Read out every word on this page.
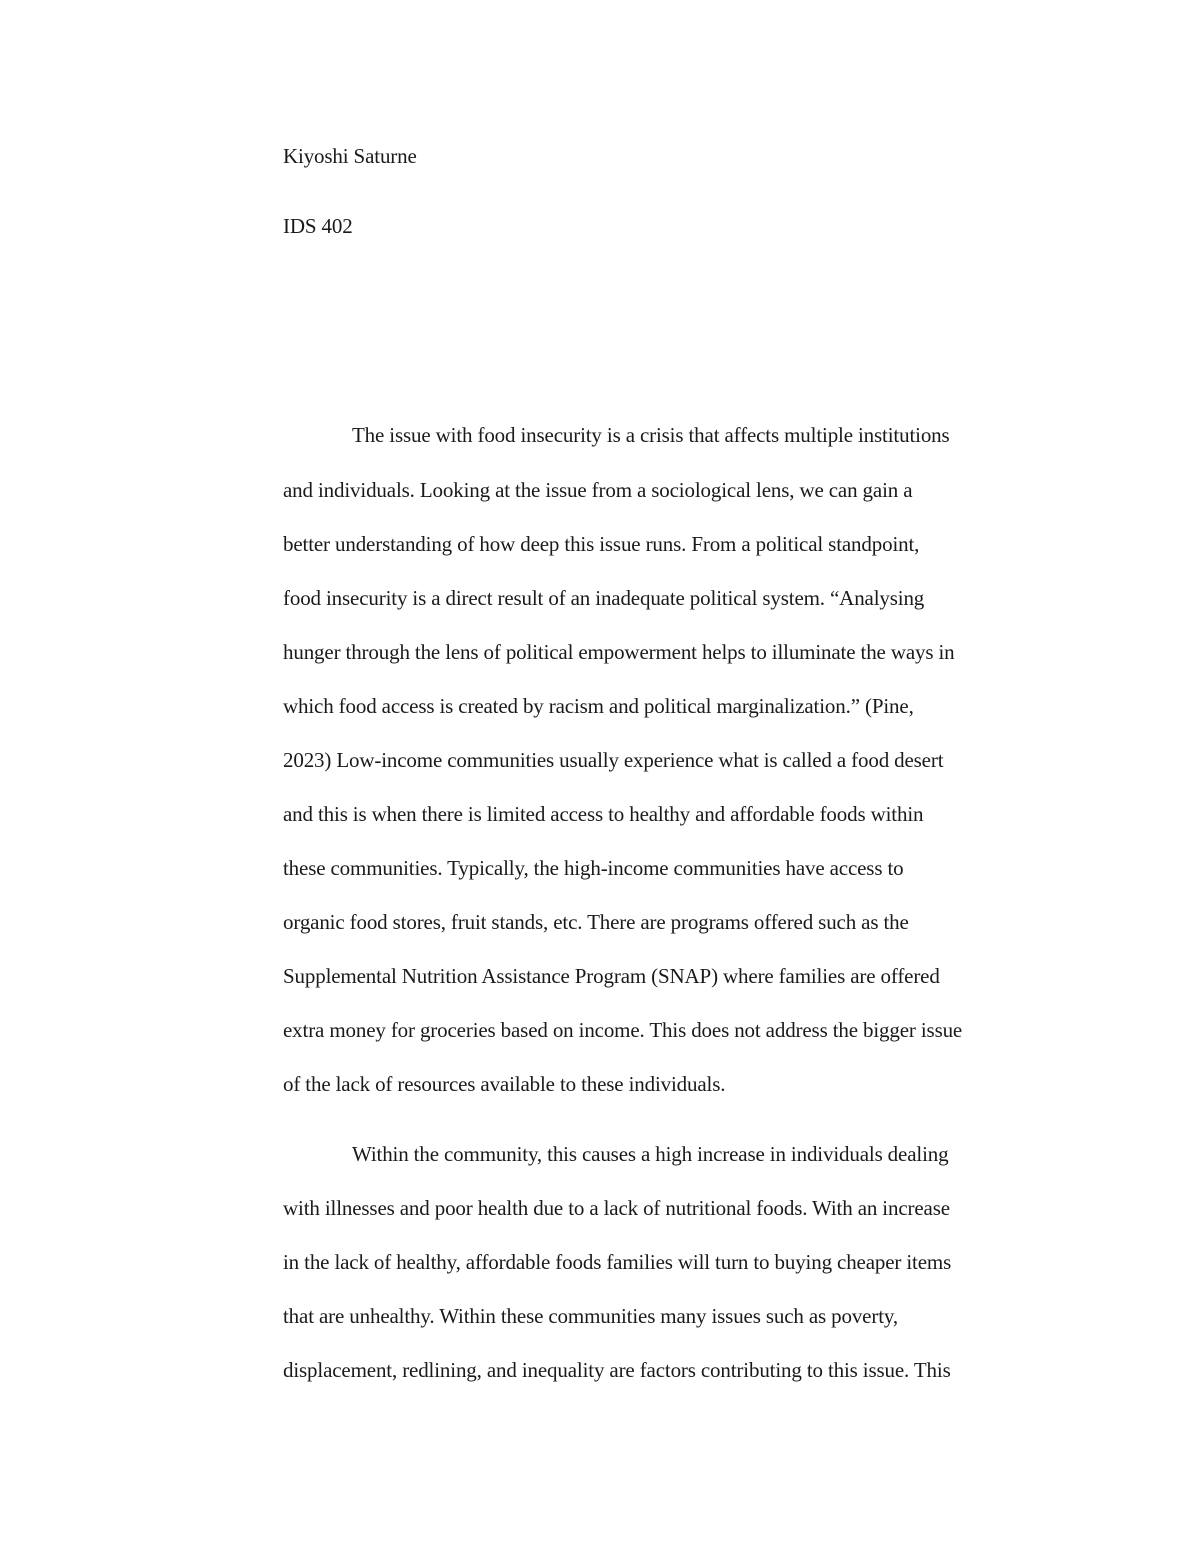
Kiyoshi Saturne

IDS 402

The issue with food insecurity is a crisis that affects multiple institutions

and individuals. Looking at the issue from a sociological lens, we can gain a

better understanding of how deep this issue runs. From a political standpoint,

food insecurity is a direct result of an inadequate political system. “Analysing

hunger through the lens of political empowerment helps to illuminate the ways in

which food access is created by racism and political marginalization.” (Pine,

2023) Low-income communities usually experience what is called a food desert

and this is when there is limited access to healthy and affordable foods within

these communities. Typically, the high-income communities have access to

organic food stores, fruit stands, etc. There are programs offered such as the

Supplemental Nutrition Assistance Program (SNAP) where families are offered

extra money for groceries based on income. This does not address the bigger issue

of the lack of resources available to these individuals.

Within the community, this causes a high increase in individuals dealing

with illnesses and poor health due to a lack of nutritional foods. With an increase

in the lack of healthy, affordable foods families will turn to buying cheaper items

that are unhealthy. Within these communities many issues such as poverty,

displacement, redlining, and inequality are factors contributing to this issue. This
